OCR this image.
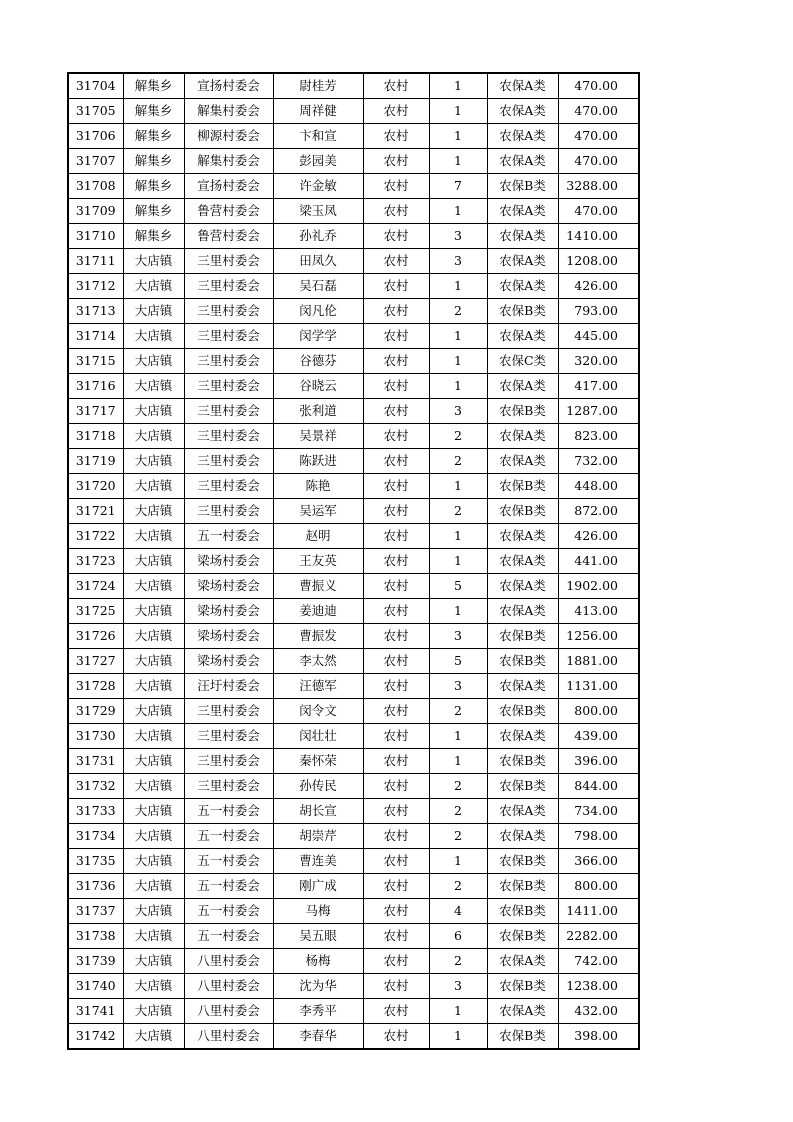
31704	解集乡	宣扬村委会	尉桂芳	农村	1	农保A类	470.00
31705	解集乡	解集村委会	周祥健	农村	1	农保A类	470.00
31706	解集乡	柳源村委会	卞和宣	农村	1	农保A类	470.00
31707	解集乡	解集村委会	彭园美	农村	1	农保A类	470.00
31708	解集乡	宣扬村委会	许金敏	农村	7	农保B类	3288.00
31709	解集乡	鲁营村委会	梁玉凤	农村	1	农保A类	470.00
31710	解集乡	鲁营村委会	孙礼乔	农村	3	农保A类	1410.00
31711	大店镇	三里村委会	田凤久	农村	3	农保A类	1208.00
31712	大店镇	三里村委会	吴石磊	农村	1	农保A类	426.00
31713	大店镇	三里村委会	闵凡伦	农村	2	农保B类	793.00
31714	大店镇	三里村委会	闵学学	农村	1	农保A类	445.00
31715	大店镇	三里村委会	谷德芬	农村	1	农保C类	320.00
31716	大店镇	三里村委会	谷晓云	农村	1	农保A类	417.00
31717	大店镇	三里村委会	张利道	农村	3	农保B类	1287.00
31718	大店镇	三里村委会	吴景祥	农村	2	农保A类	823.00
31719	大店镇	三里村委会	陈跃进	农村	2	农保A类	732.00
31720	大店镇	三里村委会	陈艳	农村	1	农保B类	448.00
31721	大店镇	三里村委会	吴运军	农村	2	农保B类	872.00
31722	大店镇	五一村委会	赵明	农村	1	农保A类	426.00
31723	大店镇	梁场村委会	王友英	农村	1	农保A类	441.00
31724	大店镇	梁场村委会	曹振义	农村	5	农保A类	1902.00
31725	大店镇	梁场村委会	姜迪迪	农村	1	农保A类	413.00
31726	大店镇	梁场村委会	曹振发	农村	3	农保B类	1256.00
31727	大店镇	梁场村委会	李太然	农村	5	农保B类	1881.00
31728	大店镇	汪圩村委会	汪德军	农村	3	农保A类	1131.00
31729	大店镇	三里村委会	闵令文	农村	2	农保B类	800.00
31730	大店镇	三里村委会	闵壮壮	农村	1	农保A类	439.00
31731	大店镇	三里村委会	秦怀荣	农村	1	农保B类	396.00
31732	大店镇	三里村委会	孙传民	农村	2	农保B类	844.00
31733	大店镇	五一村委会	胡长宣	农村	2	农保A类	734.00
31734	大店镇	五一村委会	胡崇芹	农村	2	农保A类	798.00
31735	大店镇	五一村委会	曹连美	农村	1	农保B类	366.00
31736	大店镇	五一村委会	刚广成	农村	2	农保B类	800.00
31737	大店镇	五一村委会	马梅	农村	4	农保B类	1411.00
31738	大店镇	五一村委会	吴五眼	农村	6	农保B类	2282.00
31739	大店镇	八里村委会	杨梅	农村	2	农保A类	742.00
31740	大店镇	八里村委会	沈为华	农村	3	农保B类	1238.00
31741	大店镇	八里村委会	李秀平	农村	1	农保A类	432.00
31742	大店镇	八里村委会	李春华	农村	1	农保B类	398.00
